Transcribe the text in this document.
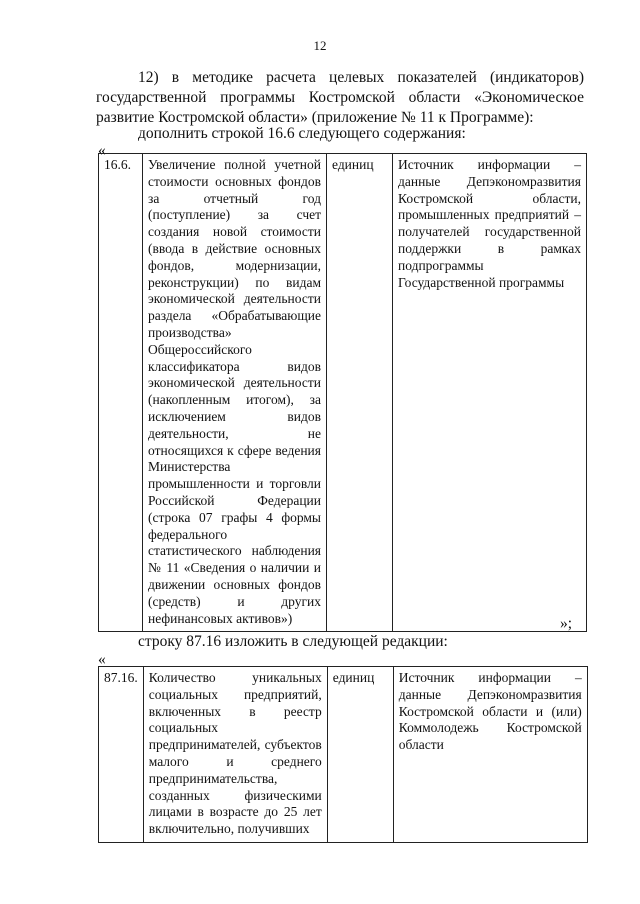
12
12) в методике расчета целевых показателей (индикаторов) государственной программы Костромской области «Экономическое развитие Костромской области» (приложение № 11 к Программе):
дополнить строкой 16.6 следующего содержания:
«
16.6.	Увеличение полной учетной стоимости основных фондов за отчетный год (поступление) за счет создания новой стоимости (ввода в действие основных фондов, модернизации, реконструкции) по видам экономической деятельности раздела «Обрабатывающие производства» Общероссийского классификатора видов экономической деятельности (накопленным итогом), за исключением видов деятельности, не относящихся к сфере ведения Министерства промышленности и торговли Российской Федерации (строка 07 графы 4 формы федерального статистического наблюдения № 11 «Сведения о наличии и движении основных фондов (средств) и других нефинансовых активов»)	единиц	Источник информации – данные Депэкономразвития Костромской области, промышленных предприятий – получателей государственной поддержки в рамках подпрограммы Государственной программы
»;
строку 87.16 изложить в следующей редакции:
«
87.16.	Количество уникальных социальных предприятий, включенных в реестр социальных предпринимателей, субъектов малого и среднего предпринимательства, созданных физическими лицами в возрасте до 25 лет включительно, получивших	единиц	Источник информации – данные Депэкономразвития Костромской области и (или) Коммолодежь Костромской области
